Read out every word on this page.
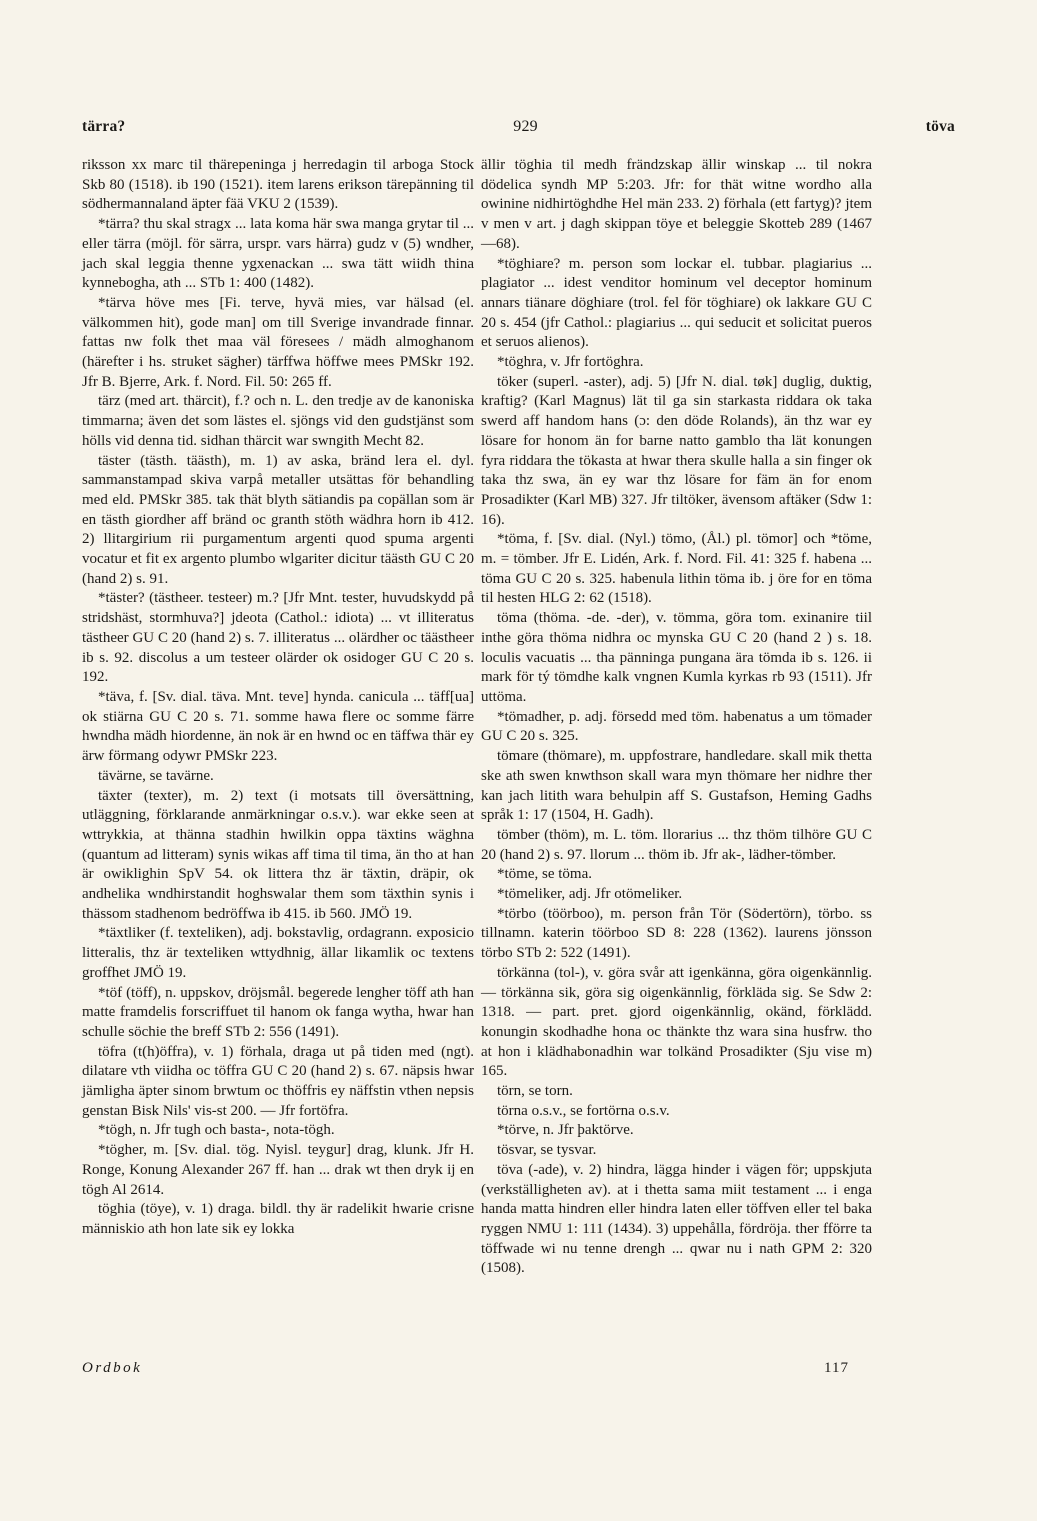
tärra?	929	töva

riksson xx marc til thärepeninga j herredagin til arboga Stock Skb 80 (1518). ib 190 (1521). item larens erikson tärepänning til södhermannaland äpter fää VKU 2 (1539).

*tärra? thu skal stragx ... lata koma här swa manga grytar til ... eller tärra (möjl. för särra, urspr. vars härra) gudz v (5) wndher, jach skal leggia thenne ygxenackan ... swa tätt wiidh thina kynnebogha, ath ... STb 1: 400 (1482).

*tärva höve mes [Fi. terve, hyvä mies, var hälsad (el. välkommen hit), gode man] om till Sverige invandrade finnar. fattas nw folk thet maa väl föresees / mädh almoghanom (härefter i hs. struket sägher) tärffwa höffwe mees PMSkr 192. Jfr B. Bjerre, Ark. f. Nord. Fil. 50: 265 ff.

tärz (med art. thärcit), f.? och n. L. den tredje av de kanoniska timmarna; även det som lästes el. sjöngs vid den gudstjänst som hölls vid denna tid. sidhan thärcit war swngith Mecht 82.

täster (tästh. täästh), m. 1) av aska, bränd lera el. dyl. sammanstampad skiva varpå metaller utsättas för behandling med eld. PMSkr 385. tak thät blyth sätiandis pa copällan som är en tästh giordher aff bränd oc granth stöth wädhra horn ib 412. 2) llitargirium rii purgamentum argenti quod spuma argenti vocatur et fit ex argento plumbo wlgariter dicitur täästh GU C 20 (hand 2) s. 91.

*täster? (tästheer. testeer) m.? [Jfr Mnt. tester, huvudskydd på stridshäst, stormhuva?] jdeota (Cathol.: idiota) ... vt illiteratus tästheer GU C 20 (hand 2) s. 7. illiteratus ... olärdher oc täästheer ib s. 92. discolus a um testeer olärder ok osidoger GU C 20 s. 192.

*täva, f. [Sv. dial. täva. Mnt. teve] hynda. canicula ... täff[ua] ok stiärna GU C 20 s. 71. somme hawa flere oc somme färre hwndha mädh hiordenne, än nok är en hwnd oc en täffwa thär ey ärw förmang odywr PMSkr 223.

tävärne, se tavärne.

täxter (texter), m. 2) text (i motsats till översättning, utläggning, förklarande anmärkningar o.s.v.). war ekke seen at wttrykkia, at thänna stadhin hwilkin oppa täxtins wäghna (quantum ad litteram) synis wikas aff tima til tima, än tho at han är owiklighin SpV 54. ok littera thz är täxtin, dräpir, ok andhelika wndhirstandit hoghswalar them som täxthin synis i thässom stadhenom bedröffwa ib 415. ib 560. JMÖ 19.

*täxtliker (f. texteliken), adj. bokstavlig, ordagrann. exposicio litteralis, thz är texteliken wttydhnig, ällar likamlik oc textens groffhet JMÖ 19.

*töf (töff), n. uppskov, dröjsmål. begerede lengher töff ath han matte framdelis forscriffuet til hanom ok fanga wytha, hwar han schulle söchie the breff STb 2: 556 (1491).

töfra (t(h)öffra), v. 1) förhala, draga ut på tiden med (ngt). dilatare vth viidha oc töffra GU C 20 (hand 2) s. 67. näpsis hwar jämligha äpter sinom brwtum oc thöffris ey näffstin vthen nepsis genstan Bisk Nils' vis-st 200. — Jfr fortöfra.

*tögh, n. Jfr tugh och basta-, nota-tögh.

*tögher, m. [Sv. dial. tög. Nyisl. teygur] drag, klunk. Jfr H. Ronge, Konung Alexander 267 ff. han ... drak wt then dryk ij en tögh Al 2614.

töghia (töye), v. 1) draga. bildl. thy är radelikit hwarie crisne människio ath hon late sik ey lokka

ällir töghia til medh frändzskap ällir winskap ... til nokra dödelica syndh MP 5:203. Jfr: for thät witne wordho alla owinine nidhirtöghdhe Hel män 233. 2) förhala (ett fartyg)? jtem v men v art. j dagh skippan töye et beleggie Skotteb 289 (1467—68).

*töghiare? m. person som lockar el. tubbar. plagiarius ... plagiator ... idest venditor hominum vel deceptor hominum annars tiänare döghiare (trol. fel för töghiare) ok lakkare GU C 20 s. 454 (jfr Cathol.: plagiarius ... qui seducit et solicitat pueros et seruos alienos).

*töghra, v. Jfr fortöghra.

töker (superl. -aster), adj. 5) [Jfr N. dial. tøk] duglig, duktig, kraftig? (Karl Magnus) lät til ga sin starkasta riddara ok taka swerd aff handom hans (ɔ: den döde Rolands), än thz war ey lösare for honom än for barne natto gamblo tha lät konungen fyra riddara the tökasta at hwar thera skulle halla a sin finger ok taka thz swa, än ey war thz lösare for fäm än for enom Prosadikter (Karl MB) 327. Jfr tiltöker, ävensom aftäker (Sdw 1: 16).

*töma, f. [Sv. dial. (Nyl.) tömo, (Ål.) pl. tömor] och *töme, m. = tömber. Jfr E. Lidén, Ark. f. Nord. Fil. 41: 325 f. habena ... töma GU C 20 s. 325. habenula lithin töma ib. j öre for en töma til hesten HLG 2: 62 (1518).

töma (thöma. -de. -der), v. tömma, göra tom. exinanire tiil inthe göra thöma nidhra oc mynska GU C 20 (hand 2 ) s. 18. loculis vacuatis ... tha pänninga pungana ära tömda ib s. 126. ii mark för tý tömdhe kalk vngnen Kumla kyrkas rb 93 (1511). Jfr uttöma.

*tömadher, p. adj. försedd med töm. habenatus a um tömader GU C 20 s. 325.

tömare (thömare), m. uppfostrare, handledare. skall mik thetta ske ath swen knwthson skall wara myn thömare her nidhre ther kan jach litith wara behulpin aff S. Gustafson, Heming Gadhs språk 1: 17 (1504, H. Gadh).

tömber (thöm), m. L. töm. llorarius ... thz thöm tilhöre GU C 20 (hand 2) s. 97. llorum ... thöm ib. Jfr ak-, lädher-tömber.

*töme, se töma.

*tömeliker, adj. Jfr otömeliker.

*törbo (töörboo), m. person från Tör (Södertörn), törbo. ss tillnamn. katerin töörboo SD 8: 228 (1362). laurens jönsson törbo STb 2: 522 (1491).

törkänna (tol-), v. göra svår att igenkänna, göra oigenkännlig. — törkänna sik, göra sig oigenkännlig, förkläda sig. Se Sdw 2: 1318. — part. pret. gjord oigenkännlig, okänd, förklädd. konungin skodhadhe hona oc thänkte thz wara sina husfrw. tho at hon i klädhabonadhin war tolkänd Prosadikter (Sju vise m) 165.

törn, se torn.

törna o.s.v., se fortörna o.s.v.

*törve, n. Jfr þaktörve.

tösvar, se tysvar.

töva (-ade), v. 2) hindra, lägga hinder i vägen för; uppskjuta (verkställigheten av). at i thetta sama miit testament ... i enga handa matta hindren eller hindra laten eller töffven eller tel baka ryggen NMU 1: 111 (1434). 3) uppehålla, fördröja. ther fförre ta töffwade wi nu tenne drengh ... qwar nu i nath GPM 2: 320 (1508).

Ordbok	117
